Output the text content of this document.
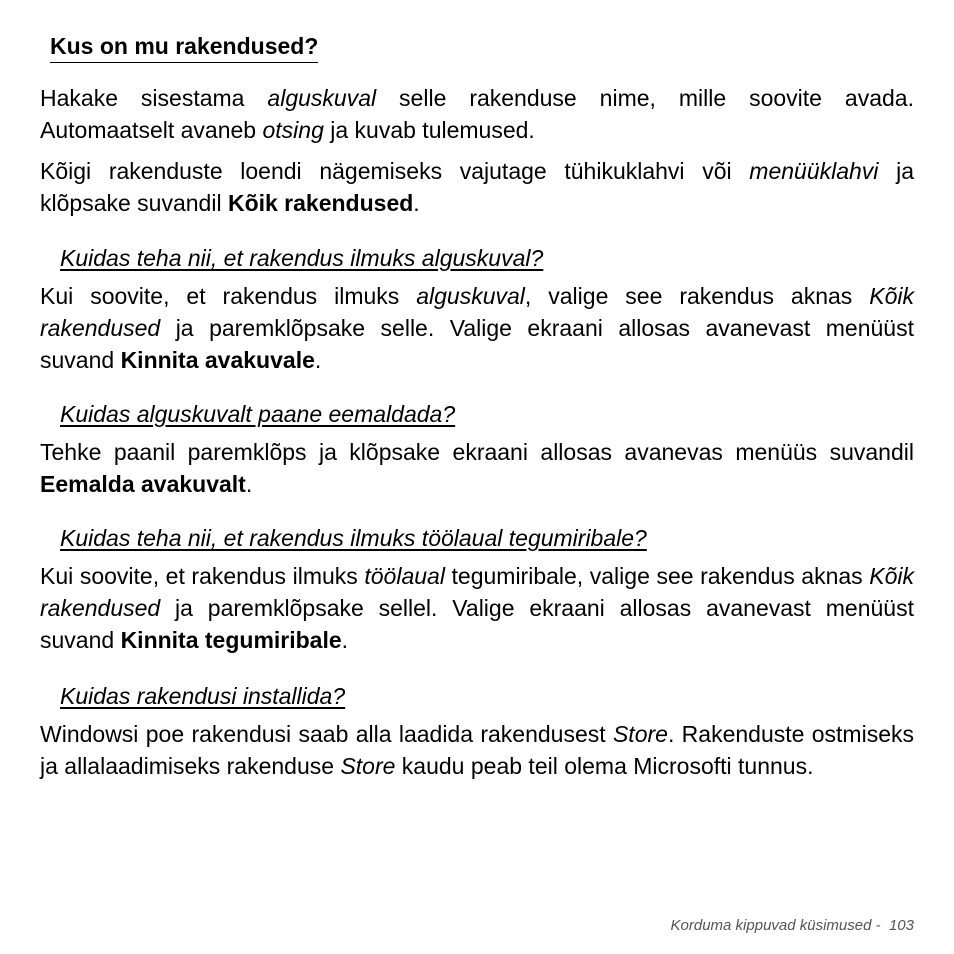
Kus on mu rakendused?

Hakake sisestama alguskuval selle rakenduse nime, mille soovite avada. Automaatselt avaneb otsing ja kuvab tulemused.

Kõigi rakenduste loendi nägemiseks vajutage tühikuklahvi või menüüklahvi ja klõpsake suvandil Kõik rakendused.

Kuidas teha nii, et rakendus ilmuks alguskuval?

Kui soovite, et rakendus ilmuks alguskuval, valige see rakendus aknas Kõik rakendused ja paremklõpsake selle. Valige ekraani allosas avanevast menüüst suvand Kinnita avakuvale.

Kuidas alguskuvalt paane eemaldada?

Tehke paanil paremklõps ja klõpsake ekraani allosas avanevas menüüs suvandil Eemalda avakuvalt.

Kuidas teha nii, et rakendus ilmuks töölaual tegumiribale?

Kui soovite, et rakendus ilmuks töölaual tegumiribale, valige see rakendus aknas Kõik rakendused ja paremklõpsake sellel. Valige ekraani allosas avanevast menüüst suvand Kinnita tegumiribale.

Kuidas rakendusi installida?

Windowsi poe rakendusi saab alla laadida rakendusest Store. Rakenduste ostmiseks ja allalaadimiseks rakenduse Store kaudu peab teil olema Microsofti tunnus.

Korduma kippuvad küsimused - 103
